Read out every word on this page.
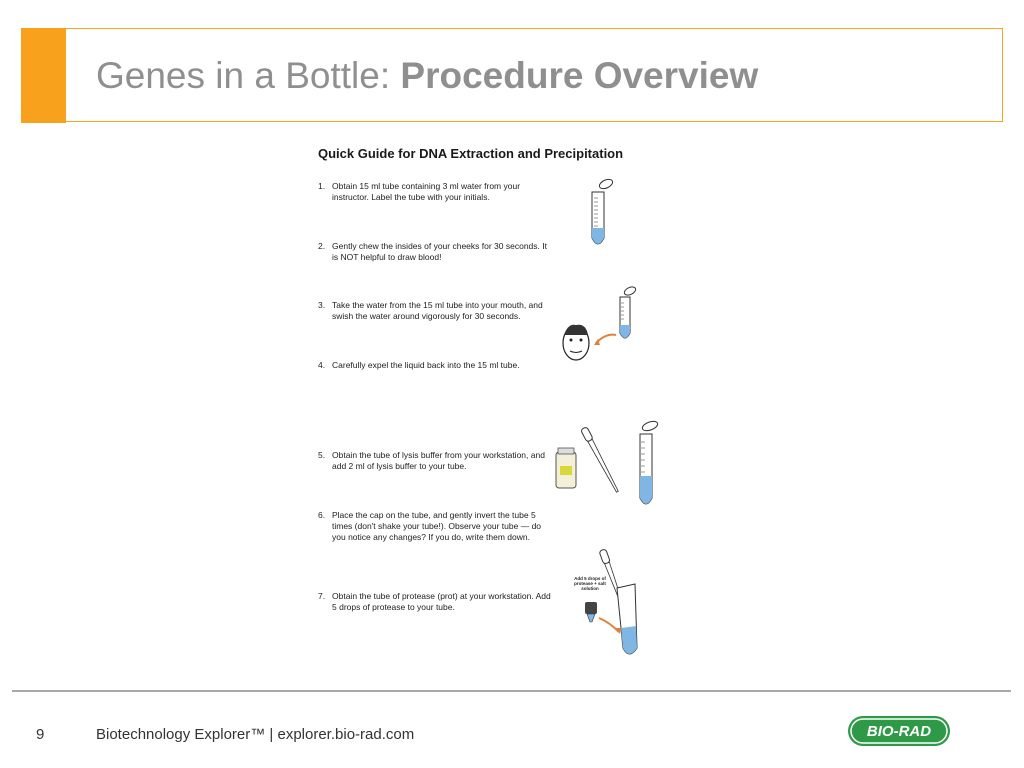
Genes in a Bottle: Procedure Overview
Quick Guide for DNA Extraction and Precipitation
1. Obtain 15 ml tube containing 3 ml water from your instructor. Label the tube with your initials.
2. Gently chew the insides of your cheeks for 30 seconds. It is NOT helpful to draw blood!
3. Take the water from the 15 ml tube into your mouth, and swish the water around vigorously for 30 seconds.
4. Carefully expel the liquid back into the 15 ml tube.
5. Obtain the tube of lysis buffer from your workstation, and add 2 ml of lysis buffer to your tube.
6. Place the cap on the tube, and gently invert the tube 5 times (don't shake your tube!). Observe your tube — do you notice any changes? If you do, write them down.
7. Obtain the tube of protease (prot) at your workstation. Add 5 drops of protease to your tube.
Add 5 drops of protease + salt solution
9	Biotechnology Explorer™ | explorer.bio-rad.com	BIO-RAD
